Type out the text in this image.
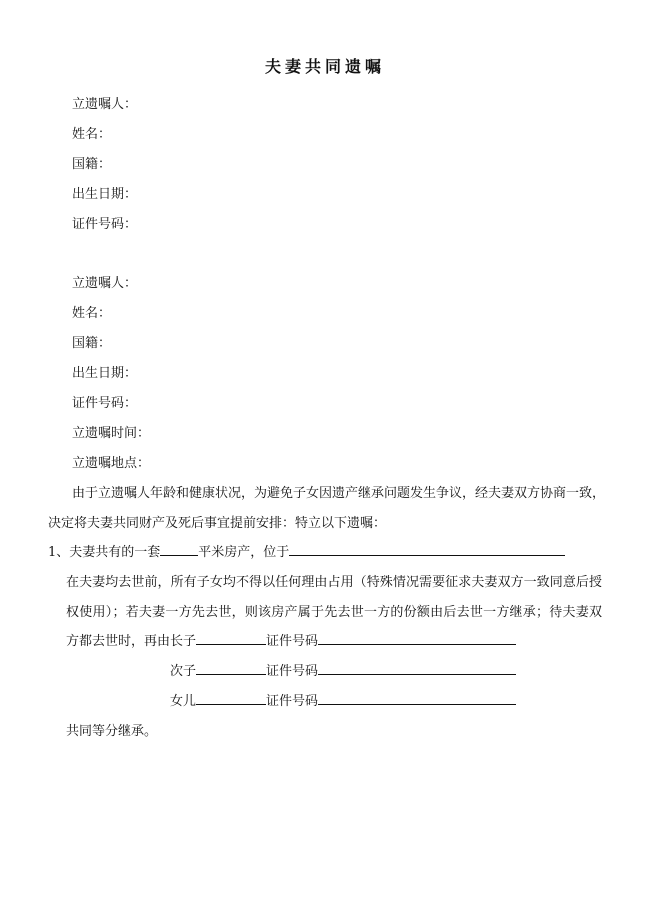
夫妻共同遗嘱
立遗嘱人：
姓名：
国籍：
出生日期：
证件号码：
立遗嘱人：
姓名：
国籍：
出生日期：
证件号码：
立遗嘱时间：
立遗嘱地点：
由于立遗嘱人年龄和健康状况，为避免子女因遗产继承问题发生争议，经夫妻双方协商一致，
决定将夫妻共同财产及死后事宜提前安排：特立以下遗嘱：
1、夫妻共有的一套	平米房产，位于
在夫妻均去世前，所有子女均不得以任何理由占用（特殊情况需要征求夫妻双方一致同意后授
权使用）；若夫妻一方先去世，则该房产属于先去世一方的份额由后去世一方继承；待夫妻双
方都去世时，再由长子	证件号码
次子	证件号码
女儿	证件号码
共同等分继承。
